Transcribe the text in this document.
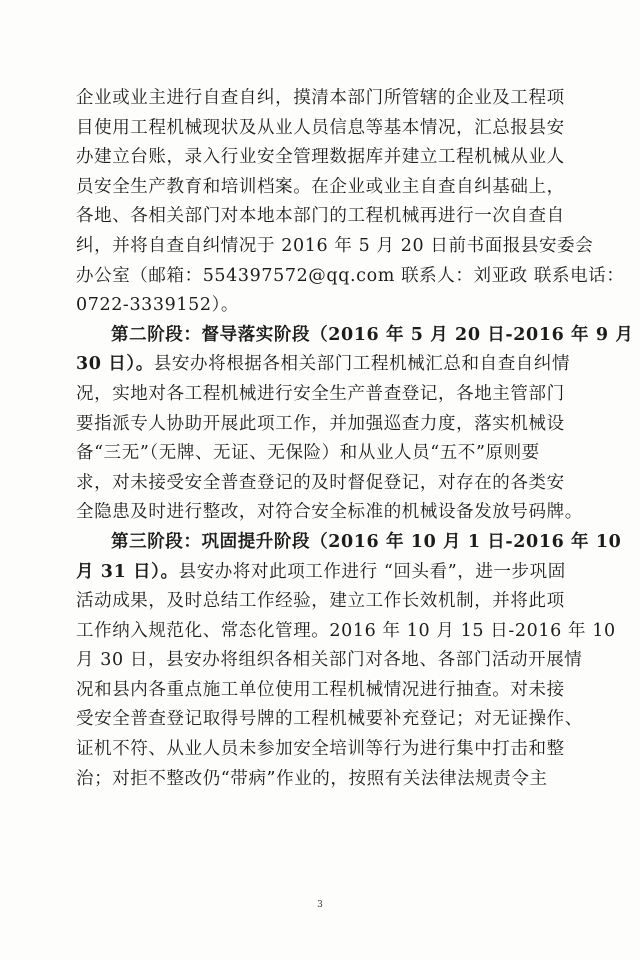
企业或业主进行自查自纠，摸清本部门所管辖的企业及工程项
目使用工程机械现状及从业人员信息等基本情况，汇总报县安
办建立台账，录入行业安全管理数据库并建立工程机械从业人
员安全生产教育和培训档案。在企业或业主自查自纠基础上，
各地、各相关部门对本地本部门的工程机械再进行一次自查自
纠，并将自查自纠情况于 2016 年 5 月 20 日前书面报县安委会
办公室（邮箱：554397572@qq.com 联系人：刘亚政 联系电话：
0722-3339152）。
第二阶段：督导落实阶段（2016 年 5 月 20 日-2016 年 9 月
30 日）。县安办将根据各相关部门工程机械汇总和自查自纠情
况，实地对各工程机械进行安全生产普查登记，各地主管部门
要指派专人协助开展此项工作，并加强巡查力度，落实机械设
备“三无”（无牌、无证、无保险）和从业人员“五不”原则要
求，对未接受安全普查登记的及时督促登记，对存在的各类安
全隐患及时进行整改，对符合安全标准的机械设备发放号码牌。
第三阶段：巩固提升阶段（2016 年 10 月 1 日-2016 年 10
月 31 日）。县安办将对此项工作进行 “回头看”，进一步巩固
活动成果，及时总结工作经验，建立工作长效机制，并将此项
工作纳入规范化、常态化管理。2016 年 10 月 15 日-2016 年 10
月 30 日，县安办将组织各相关部门对各地、各部门活动开展情
况和县内各重点施工单位使用工程机械情况进行抽查。对未接
受安全普查登记取得号牌的工程机械要补充登记；对无证操作、
证机不符、从业人员未参加安全培训等行为进行集中打击和整
治；对拒不整改仍“带病”作业的，按照有关法律法规责令主
3
